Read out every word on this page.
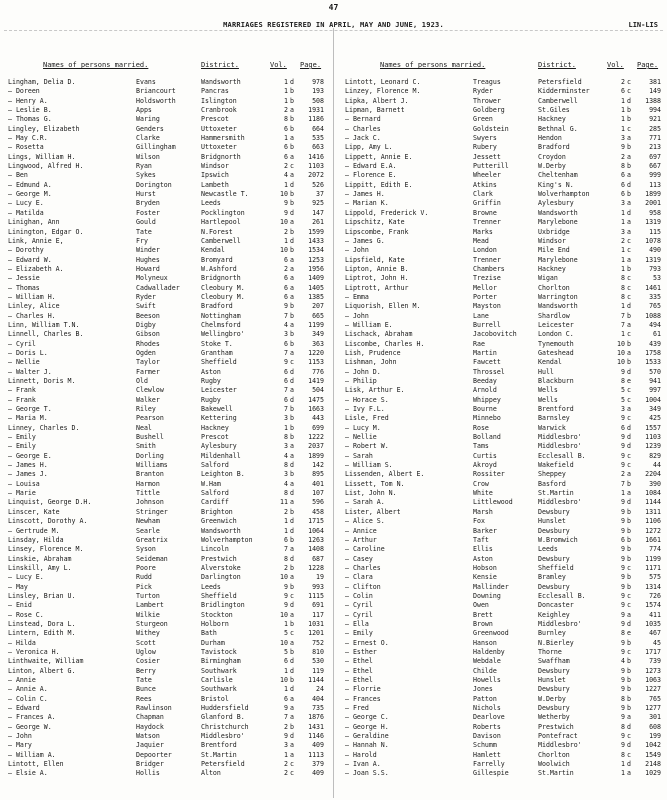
47
MARRIAGES REGISTERED IN APRIL, MAY AND JUNE, 1923.	LIN-LIS
Names of persons married.	District.	Vol. Page.
Lingham, Delia D.	Evans	Wandsworth	1 d	978
— Doreen	Briancourt	Pancras	1 b	193
— Henry A.	Holdsworth	Islington	1 b	508
— Leslie B.	Apps	Cranbrook	2 a	1931
— Thomas G.	Waring	Prescot	8 b	1186
Lingley, Elizabeth	Genders	Uttoxeter	6 b	664
— May C.R.	Clarke	Hammersmith	1 a	535
— Rosetta	Gillingham	Uttoxeter	6 b	663
Lings, William H.	Wilson	Bridgnorth	6 a	1416
Lingwood, Alfred H.	Ryan	Windsor	2 c	1103
— Ben	Sykes	Ipswich	4 a	2072
— Edmund A.	Dorington	Lambeth	1 d	526
— George M.	Hurst	Newcastle T.	10 b	37
— Lucy E.	Bryden	Leeds	9 b	925
— Matilda	Foster	Pocklington	9 d	147
Linighan, Ann	Gould	Hartlepool	10 a	261
Linington, Edgar O.	Tate	N.Forest	2 b	1599
Link, Annie E,	Fry	Camberwell	1 d	1433
— Dorothy	Winder	Kendal	10 b	1534
— Edward W.	Hughes	Bromyard	6 a	1253
— Elizabeth A.	Howard	W.Ashford	2 a	1956
— Jessie	Molyneux	Bridgnorth	6 a	1409
— Thomas	Cadwallader	Cleobury M.	6 a	1405
— William H.	Ryder	Cleobury M.	6 a	1385
Linley, Alice	Swift	Bradford	9 b	207
— Charles H.	Beeson	Nottingham	7 b	665
Linn, William T.N.	Digby	Chelmsford	4 a	1199
Linnell, Charles B.	Gibson	Wellingbro'	3 b	349
— Cyril	Rhodes	Stoke T.	6 b	363
— Doris L.	Ogden	Grantham	7 a	1220
— Nellie	Taylor	Sheffield	9 c	1153
— Walter J.	Farmer	Aston	6 d	776
Linnett, Doris M.	Old	Rugby	6 d	1419
— Frank	Clewlow	Leicester	7 a	504
— Frank	Walker	Rugby	6 d	1475
— George T.	Riley	Bakewell	7 b	1663
— Maria M.	Pearson	Kettering	3 b	443
Linney, Charles D.	Neal	Hackney	1 b	699
— Emily	Bushell	Prescot	8 b	1222
— Emily	Smith	Aylesbury	3 a	2037
— George E.	Dorling	Mildenhall	4 a	1899
— James H.	Williams	Salford	8 d	142
— James J.	Branton	Leighton B.	3 b	895
— Louisa	Harmon	W.Ham	4 a	401
— Marie	Tittle	Salford	8 d	107
Linquist, George D.H.	Johnson	Cardiff	11 a	596
Linscer, Kate	Stringer	Brighton	2 b	458
Linscott, Dorothy A.	Newham	Greenwich	1 d	1715
— Gertrude M.	Searle	Wandsworth	1 d	1064
Linsday, Hilda	Greatrix	Wolverhampton	6 b	1263
Linsey, Florence M.	Syson	Lincoln	7 a	1408
Linskie, Abraham	Seideman	Prestwich	8 d	687
Linskill, Amy L.	Poore	Alverstoke	2 b	1228
— Lucy E.	Rudd	Darlington	10 a	19
— May	Pick	Leeds	9 b	993
Linsley, Brian U.	Turton	Sheffield	9 c	1115
— Enid	Lambert	Bridlington	9 d	691
— Rose C.	Wilkie	Stockton	10 a	117
Linstead, Dora L.	Sturgeon	Holborn	1 b	1031
Lintern, Edith M.	Withey	Bath	5 c	1201
— Hilda	Scott	Durham	10 a	752
— Veronica H.	Uglow	Tavistock	5 b	810
Linthwaite, William	Cosier	Birmingham	6 d	530
Linton, Albert G.	Berry	Southwark	1 d	119
— Annie	Tate	Carlisle	10 b	1144
— Annie A.	Bunce	Southwark	1 d	24
— Colin C.	Rees	Bristol	6 a	404
— Edward	Rawlinson	Huddersfield	9 a	735
— Frances A.	Chapman	Glanford B.	7 a	1876
— George W.	Haydock	Christchurch	2 b	1431
— John	Watson	Middlesbro'	9 d	1146
— Mary	Jaquier	Brentford	3 a	409
— William A.	Depoorter	St.Martin	1 a	1113
Lintott, Ellen	Bridger	Petersfield	2 c	379
— Elsie A.	Hollis	Alton	2 c	409
Names of persons married.	District.	Vol. Page.
Lintott, Leonard C.	Treagus	Petersfield	2 c	381
Linzey, Florence M.	Ryder	Kidderminster	6 c	149
Lipka, Albert J.	Thrower	Camberwell	1 d	1388
Lipman, Barnett	Goldberg	St.Giles	1 b	994
— Bernard	Green	Hackney	1 b	921
— Charles	Goldstein	Bethnal G.	1 c	285
— Jack C.	Swyers	Hendon	3 a	771
Lipp, Amy L.	Rubery	Bradford	9 b	213
Lippett, Annie E.	Jessett	Croydon	2 a	697
— Edward E.A.	Putterill	W.Derby	8 b	667
— Florence E.	Wheeler	Cheltenham	6 a	999
Lippitt, Edith E.	Atkins	King's N.	6 d	113
— James H.	Clark	Wolverhampton	6 b	1899
— Marian K.	Griffin	Aylesbury	3 a	2001
Lippold, Frederick V.	Browne	Wandsworth	1 d	958
Lipschitz, Kate	Trenner	Marylebone	1 a	1319
Lipscombe, Frank	Marks	Uxbridge	3 a	115
— James G.	Mead	Windsor	2 c	1078
— John	London	Mile End	1 c	490
Lipsfield, Kate	Trenner	Marylebone	1 a	1319
Lipton, Annie B.	Chambers	Hackney	1 b	793
Liptrot, John H.	Trezise	Wigan	8 c	53
Liptrott, Arthur	Mellor	Chorlton	8 c	1461
— Emma	Porter	Warrington	8 c	335
Liquorish, Ellen M.	Mayston	Wandsworth	1 d	765
— John	Lane	Shardlow	7 b	1088
— William E.	Burrell	Leicester	7 a	494
Lischack, Abraham	Jacobovitch	London C.	1 c	61
Liscombe, Charles H.	Rae	Tynemouth	10 b	439
Lish, Prudence	Martin	Gateshead	10 a	1758
Lishman, John	Fawcett	Kendal	10 b	1533
— John D.	Throssel	Hull	9 d	570
— Philip	Beeday	Blackburn	8 e	941
Lisk, Arthur E.	Arnold	Wells	5 c	997
— Horace S.	Whippey	Wells	5 c	1004
— Ivy F.L.	Bourne	Brentford	3 a	349
Lisle, Fred	Minnebo	Barnsley	9 c	425
— Lucy M.	Rose	Warwick	6 d	1557
— Nellie	Bolland	Middlesbro'	9 d	1103
— Robert W.	Tams	Middlesbro'	9 d	1239
— Sarah	Curtis	Ecclesall B.	9 c	829
— William S.	Akroyd	Wakefield	9 c	44
Lissenden, Albert E.	Rossiter	Sheppey	2 a	2204
Lissett, Tom N.	Crow	Basford	7 b	390
List, John N.	White	St.Martin	1 a	1084
— Sarah A.	Littlewood	Middlesbro'	9 d	1144
Lister, Albert	Marsh	Dewsbury	9 b	1311
— Alice S.	Fox	Hunslet	9 b	1106
— Annice	Barker	Dewsbury	9 b	1272
— Arthur	Taft	W.Bromwich	6 b	1661
— Caroline	Ellis	Leeds	9 b	774
— Casey	Aston	Dewsbury	9 b	1199
— Charles	Hobson	Sheffield	9 c	1171
— Clara	Kensie	Bramley	9 b	575
— Clifton	Mallinder	Dewsbury	9 b	1314
— Colin	Downing	Ecclesall B.	9 c	726
— Cyril	Owen	Doncaster	9 c	1574
— Cyril	Brett	Keighley	9 a	411
— Ella	Brown	Middlesbro'	9 d	1035
— Emily	Greenwood	Burnley	8 e	467
— Ernest O.	Hanson	N.Bierley	9 b	45
— Esther	Haldenby	Thorne	9 c	1717
— Ethel	Webdale	Swaffham	4 b	739
— Ethel	Childe	Dewsbury	9 b	1273
— Ethel	Howells	Hunslet	9 b	1063
— Florrie	Jones	Dewsbury	9 b	1227
— Frances	Patton	W.Derby	8 b	765
— Fred	Nichols	Dewsbury	9 b	1277
— George C.	Dearlove	Wetherby	9 a	301
— George H.	Roberts	Prestwich	8 d	608
— Geraldine	Davison	Pontefract	9 c	199
— Hannah N.	Schumm	Middlesbro'	9 d	1042
— Harold	Hamlett	Chorlton	8 c	1549
— Ivan A.	Farrelly	Woolwich	1 d	2148
— Joan S.S.	Gillespie	St.Martin	1 a	1029
